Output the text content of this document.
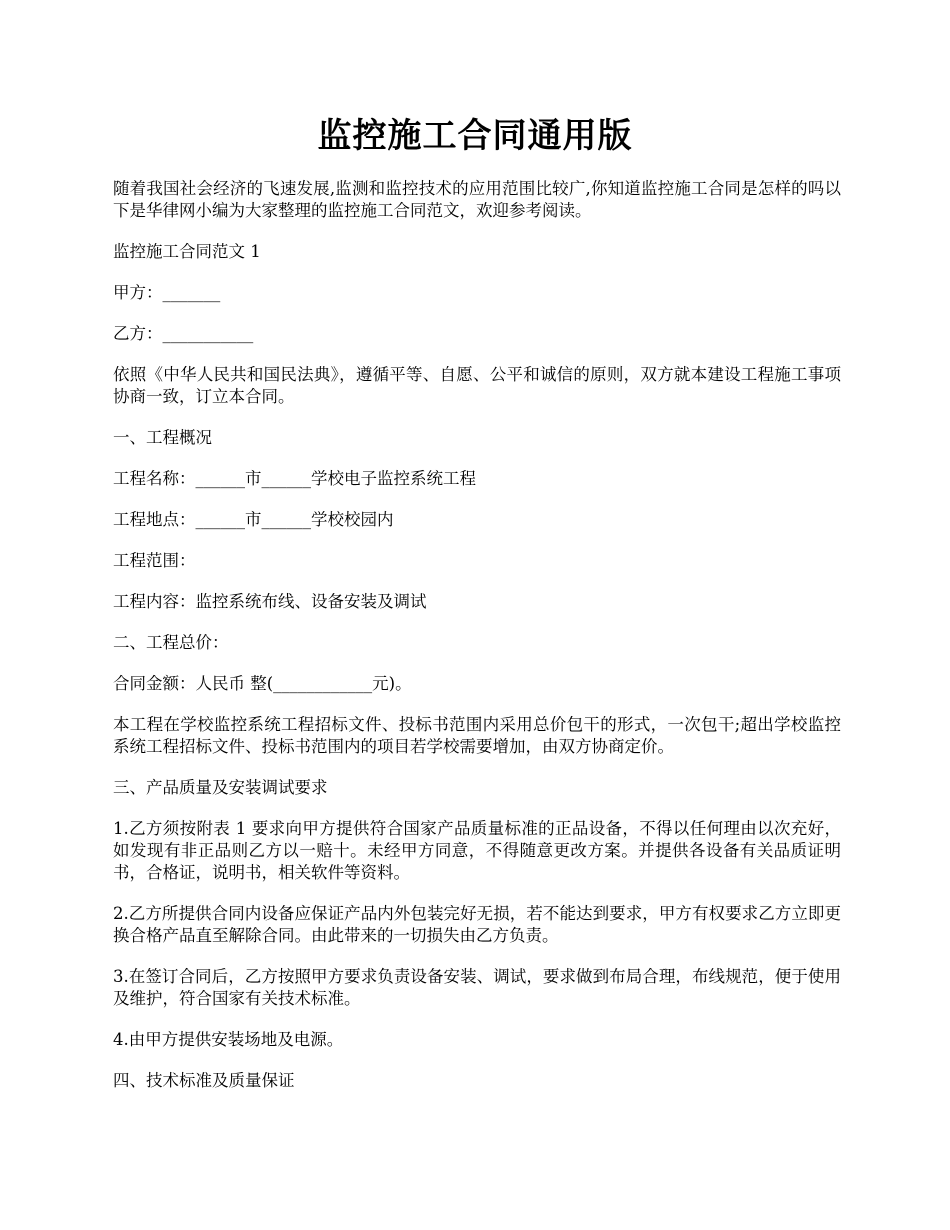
监控施工合同通用版

随着我国社会经济的飞速发展,监测和监控技术的应用范围比较广,你知道监控施工合同是怎样的吗以下是华律网小编为大家整理的监控施工合同范文，欢迎参考阅读。

监控施工合同范文 1

甲方：_______

乙方：___________

依照《中华人民共和国民法典》，遵循平等、自愿、公平和诚信的原则，双方就本建设工程施工事项协商一致，订立本合同。

一、工程概况

工程名称：______市______学校电子监控系统工程

工程地点：______市______学校校园内

工程范围：

工程内容：监控系统布线、设备安装及调试

二、工程总价：

合同金额：人民币 整(____________元)。

本工程在学校监控系统工程招标文件、投标书范围内采用总价包干的形式，一次包干;超出学校监控系统工程招标文件、投标书范围内的项目若学校需要增加，由双方协商定价。

三、产品质量及安装调试要求

1.乙方须按附表 1 要求向甲方提供符合国家产品质量标准的正品设备，不得以任何理由以次充好，如发现有非正品则乙方以一赔十。未经甲方同意，不得随意更改方案。并提供各设备有关品质证明书，合格证，说明书，相关软件等资料。

2.乙方所提供合同内设备应保证产品内外包装完好无损，若不能达到要求，甲方有权要求乙方立即更换合格产品直至解除合同。由此带来的一切损失由乙方负责。

3.在签订合同后，乙方按照甲方要求负责设备安装、调试，要求做到布局合理，布线规范，便于使用及维护，符合国家有关技术标准。

4.由甲方提供安装场地及电源。

四、技术标准及质量保证
